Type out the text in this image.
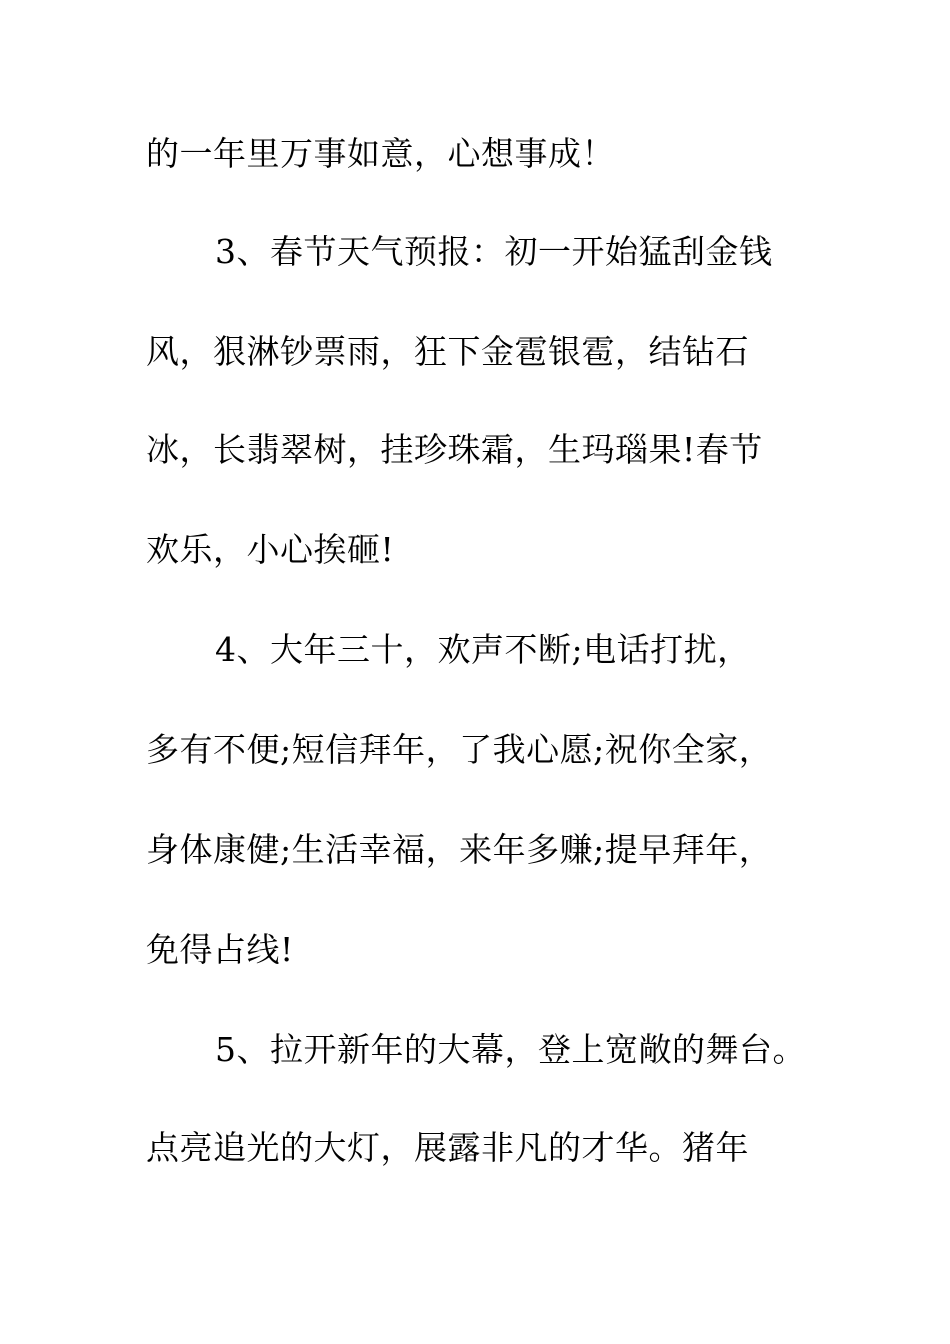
的一年里万事如意，心想事成！
3、春节天气预报：初一开始猛刮金钱
风，狠淋钞票雨，狂下金雹银雹，结钻石
冰，长翡翠树，挂珍珠霜，生玛瑙果!春节
欢乐，小心挨砸!
4、大年三十，欢声不断;电话打扰，
多有不便;短信拜年，了我心愿;祝你全家，
身体康健;生活幸福，来年多赚;提早拜年，
免得占线!
5、拉开新年的大幕，登上宽敞的舞台。
点亮追光的大灯，展露非凡的才华。猪年
